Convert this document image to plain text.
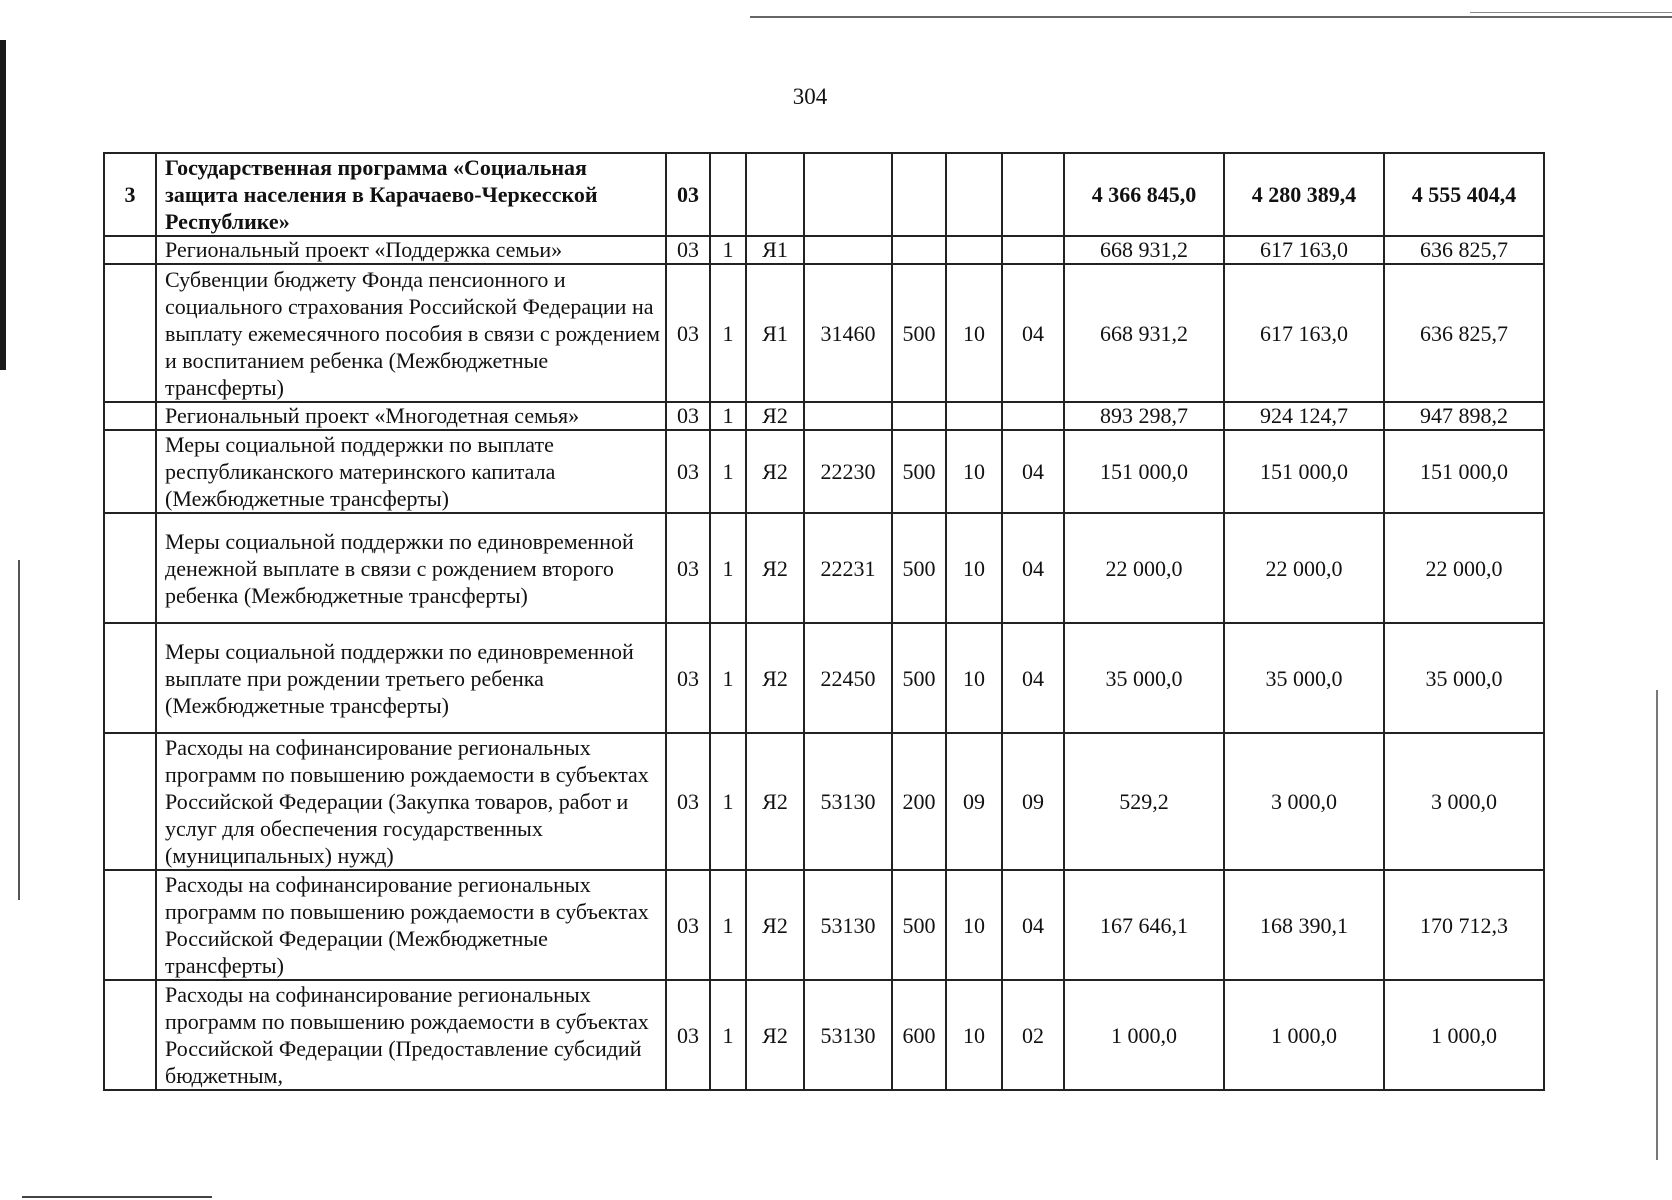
304
3	Государственная программа «Социальная защита населения в Карачаево-Черкесской Республике»	03							4 366 845,0	4 280 389,4	4 555 404,4
	Региональный проект «Поддержка семьи»	03	1	Я1					668 931,2	617 163,0	636 825,7
	Субвенции бюджету Фонда пенсионного и социального страхования Российской Федерации на выплату ежемесячного пособия в связи с рождением и воспитанием ребенка (Межбюджетные трансферты)	03	1	Я1	31460	500	10	04	668 931,2	617 163,0	636 825,7
	Региональный проект «Многодетная семья»	03	1	Я2					893 298,7	924 124,7	947 898,2
	Меры социальной поддержки по выплате республиканского материнского капитала (Межбюджетные трансферты)	03	1	Я2	22230	500	10	04	151 000,0	151 000,0	151 000,0
	Меры социальной поддержки по единовременной денежной выплате в связи с рождением второго ребенка (Межбюджетные трансферты)	03	1	Я2	22231	500	10	04	22 000,0	22 000,0	22 000,0
	Меры социальной поддержки по единовременной выплате при рождении третьего ребенка (Межбюджетные трансферты)	03	1	Я2	22450	500	10	04	35 000,0	35 000,0	35 000,0
	Расходы на софинансирование региональных программ по повышению рождаемости в субъектах Российской Федерации (Закупка товаров, работ и услуг для обеспечения государственных (муниципальных) нужд)	03	1	Я2	53130	200	09	09	529,2	3 000,0	3 000,0
	Расходы на софинансирование региональных программ по повышению рождаемости в субъектах Российской Федерации (Межбюджетные трансферты)	03	1	Я2	53130	500	10	04	167 646,1	168 390,1	170 712,3
	Расходы на софинансирование региональных программ по повышению рождаемости в субъектах Российской Федерации (Предоставление субсидий бюджетным,	03	1	Я2	53130	600	10	02	1 000,0	1 000,0	1 000,0
